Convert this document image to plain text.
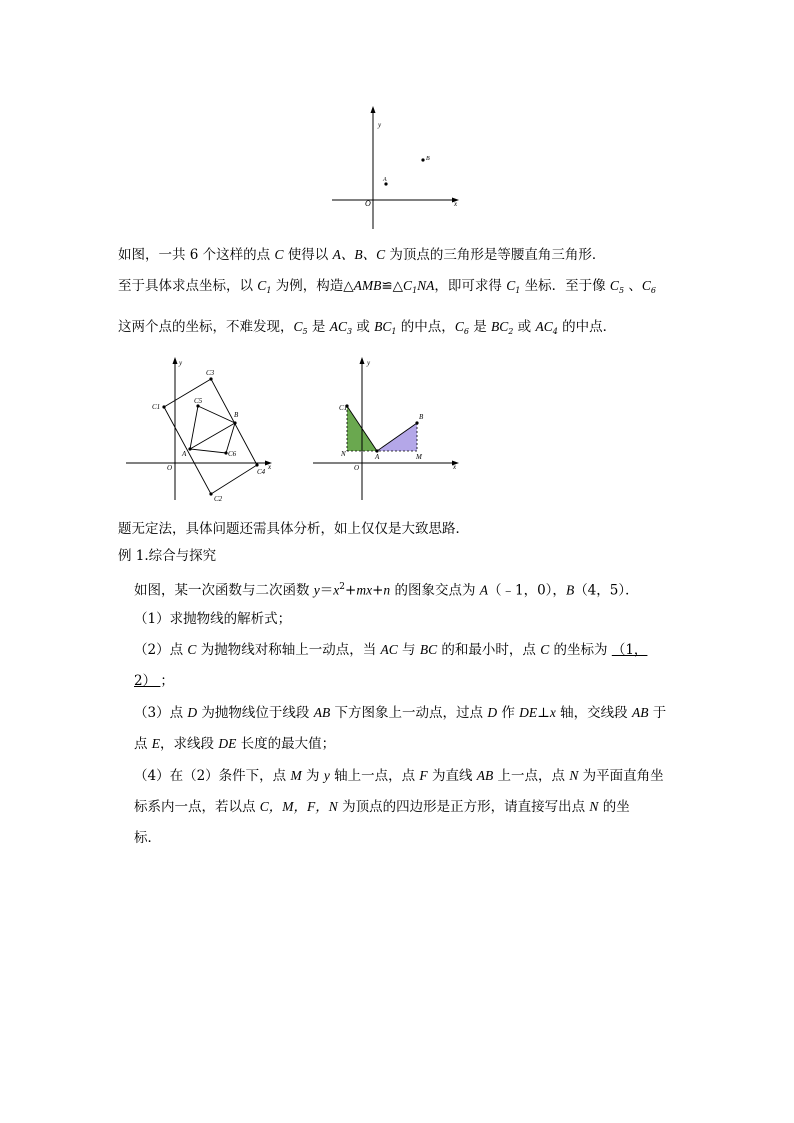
y
x
O
A
B
如图，一共 6 个这样的点 C 使得以 A、B、C 为顶点的三角形是等腰直角三角形．
至于具体求点坐标，以 $C_1$ 为例，构造$\triangle AMB≌\triangle C_1NA$，即可求得 $C_1$ 坐标．至于像 $C_5$ 、$C_6$
这两个点的坐标，不难发现，$C_5$ 是 $AC_3$ 或 $BC_1$ 的中点，$C_6$ 是 $BC_2$ 或 $AC_4$ 的中点．
y
x
O
A
B
C1
C2
C3
C4
C5
C6
y
x
O
C1
A
B
N	M
题无定法，具体问题还需具体分析，如上仅仅是大致思路．
例 1.综合与探究
如图，某一次函数与二次函数 $y=x^2+mx+n$ 的图象交点为 A（﹣1，0），B（4，5）．
（1）求抛物线的解析式；
（2）点 C 为抛物线对称轴上一动点，当 AC 与 BC 的和最小时，点 C 的坐标为 （1，
2） ；
（3）点 D 为抛物线位于线段 AB 下方图象上一动点，过点 D 作 DE⊥x 轴，交线段 AB 于
点 E，求线段 DE 长度的最大值；
（4）在（2）条件下，点 M 为 y 轴上一点，点 F 为直线 AB 上一点，点 N 为平面直角坐
标系内一点，若以点 C，M，F，N 为顶点的四边形是正方形，请直接写出点 N 的坐
标．
